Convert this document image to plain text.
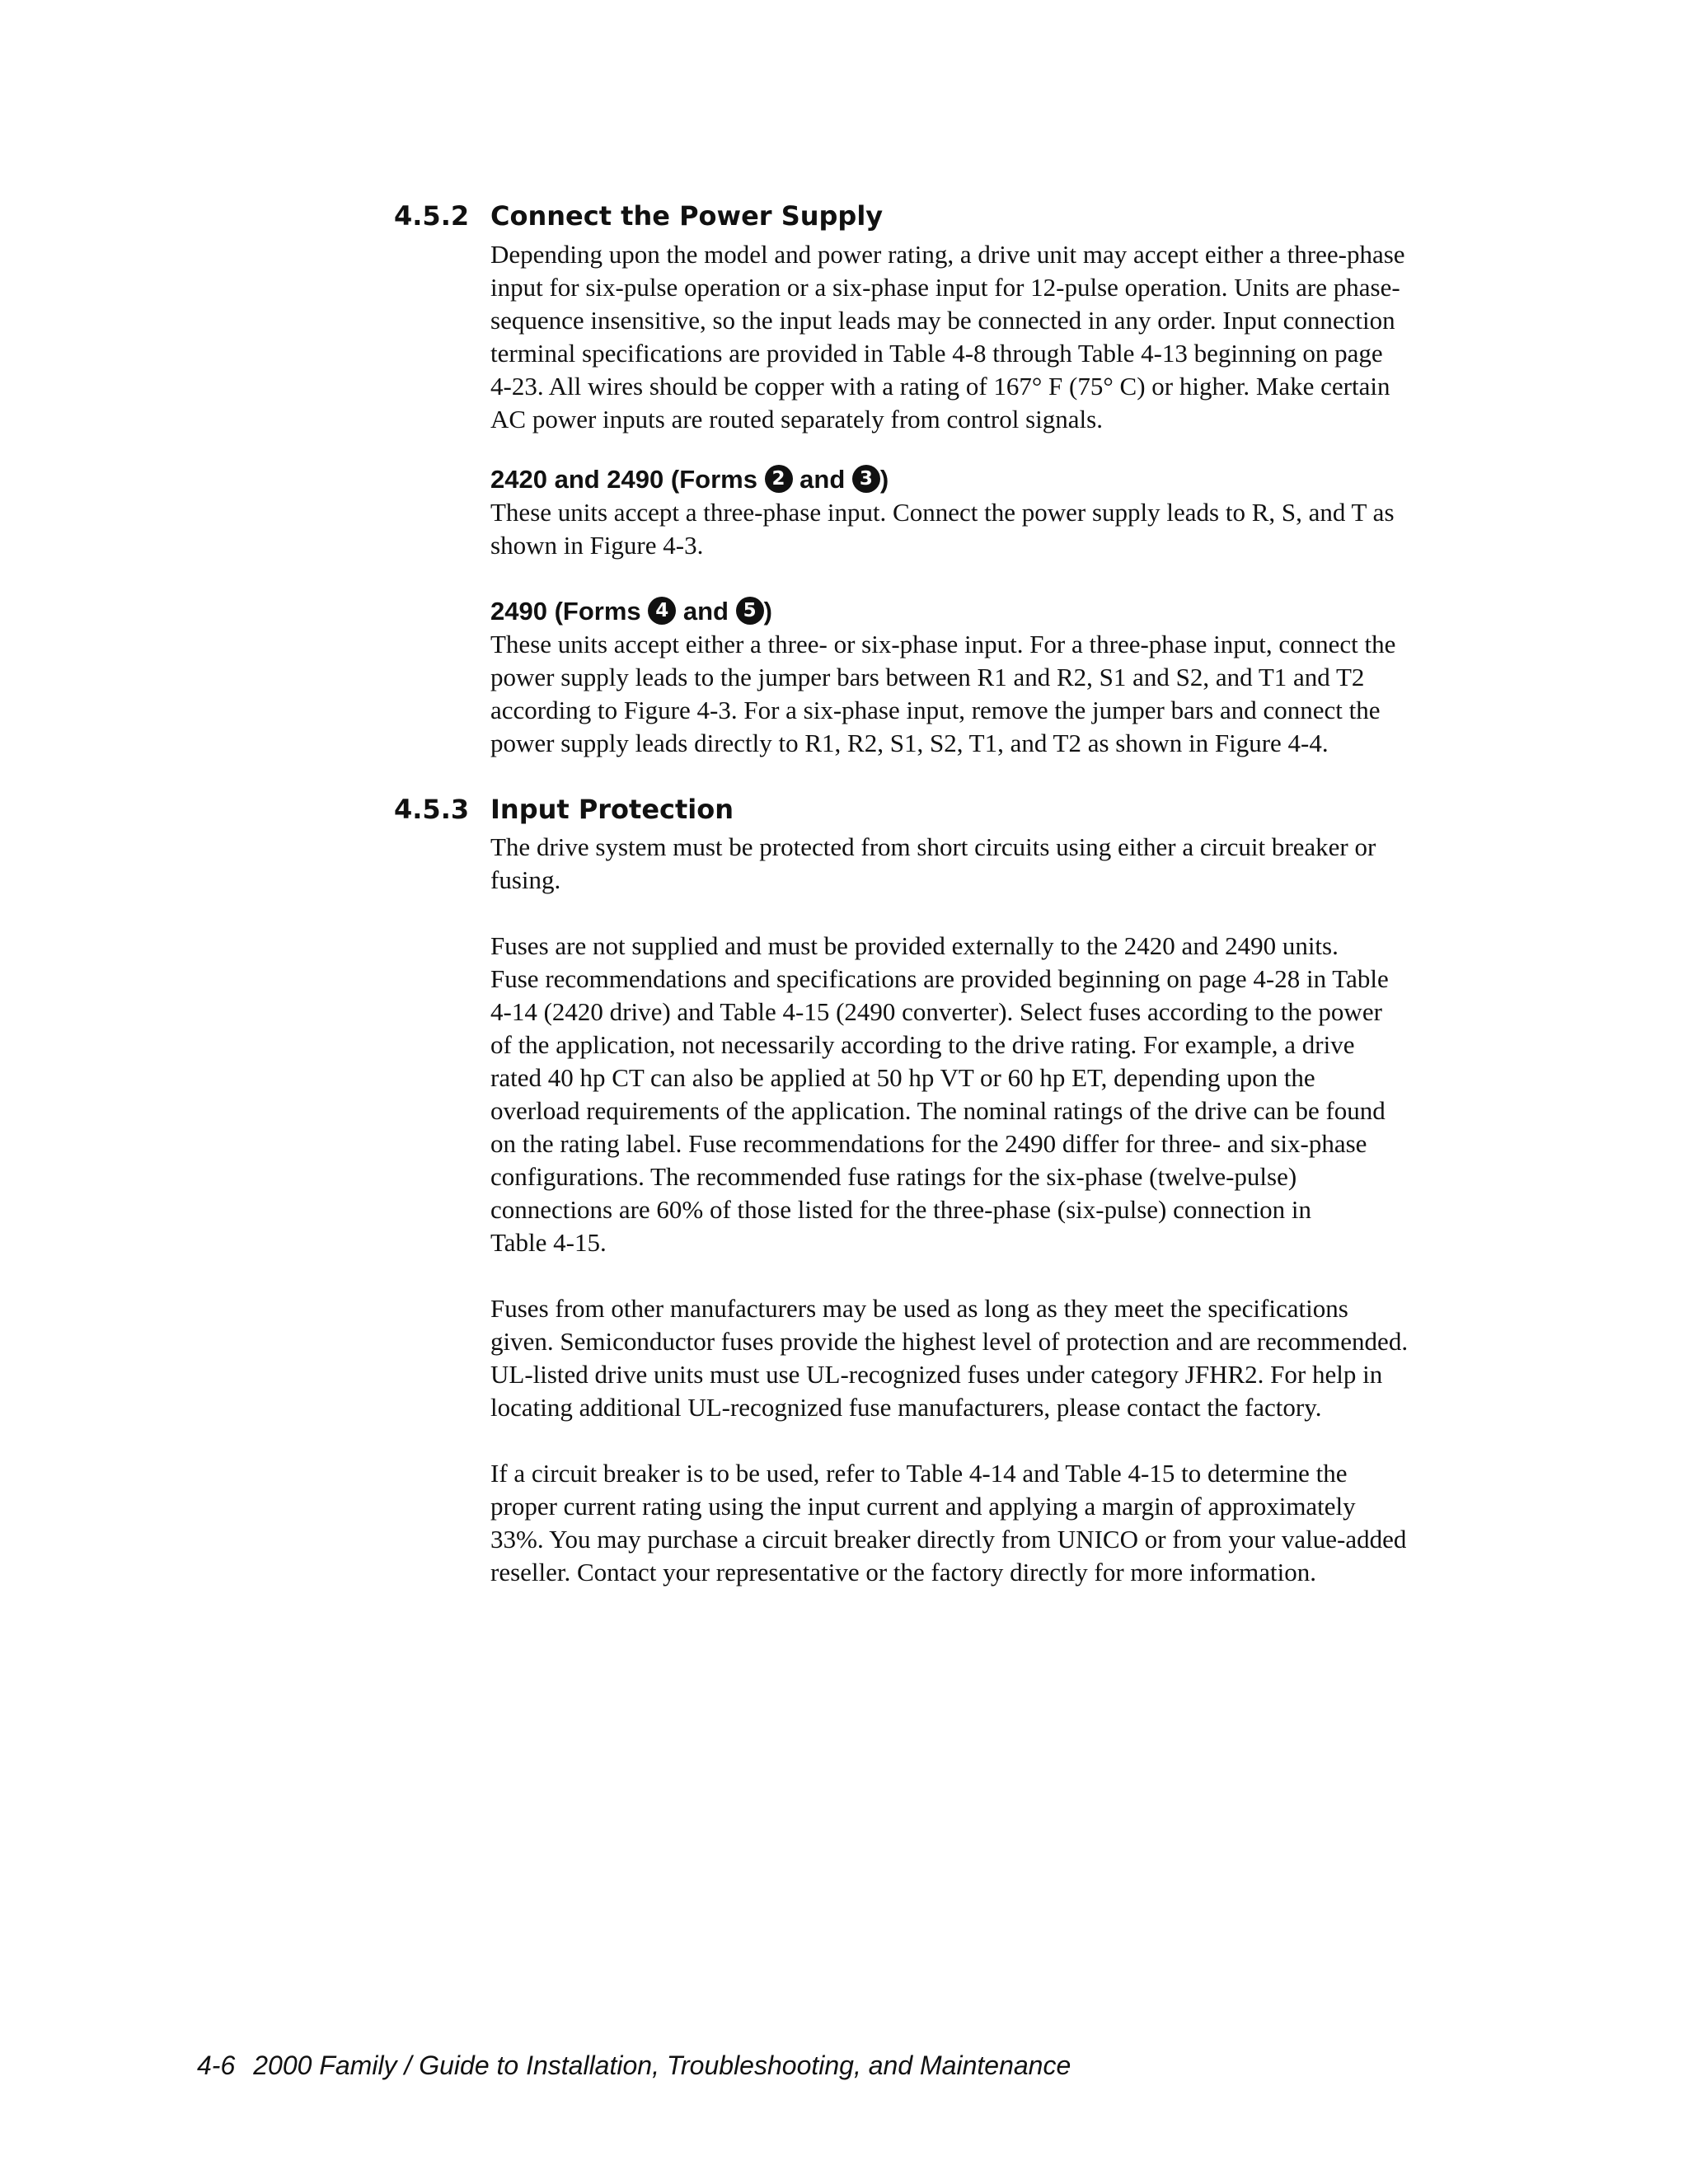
4.5.2 Connect the Power Supply

Depending upon the model and power rating, a drive unit may accept either a three-phase
input for six-pulse operation or a six-phase input for 12-pulse operation. Units are phase-
sequence insensitive, so the input leads may be connected in any order. Input connection
terminal specifications are provided in Table 4-8 through Table 4-13 beginning on page
4-23. All wires should be copper with a rating of 167° F (75° C) or higher. Make certain
AC power inputs are routed separately from control signals.

2420 and 2490 (Forms 2 and 3 )

These units accept a three-phase input. Connect the power supply leads to R, S, and T as
shown in Figure 4-3.

2490 (Forms 4 and 5 )

These units accept either a three- or six-phase input. For a three-phase input, connect the
power supply leads to the jumper bars between R1 and R2, S1 and S2, and T1 and T2
according to Figure 4-3. For a six-phase input, remove the jumper bars and connect the
power supply leads directly to R1, R2, S1, S2, T1, and T2 as shown in Figure 4-4.

4.5.3 Input Protection

The drive system must be protected from short circuits using either a circuit breaker or
fusing.

Fuses are not supplied and must be provided externally to the 2420 and 2490 units.
Fuse recommendations and specifications are provided beginning on page 4-28 in Table
4-14 (2420 drive) and Table 4-15 (2490 converter). Select fuses according to the power
of the application, not necessarily according to the drive rating. For example, a drive
rated 40 hp CT can also be applied at 50 hp VT or 60 hp ET, depending upon the
overload requirements of the application. The nominal ratings of the drive can be found
on the rating label. Fuse recommendations for the 2490 differ for three- and six-phase
configurations. The recommended fuse ratings for the six-phase (twelve-pulse)
connections are 60% of those listed for the three-phase (six-pulse) connection in
Table 4-15.

Fuses from other manufacturers may be used as long as they meet the specifications
given. Semiconductor fuses provide the highest level of protection and are recommended.
UL-listed drive units must use UL-recognized fuses under category JFHR2. For help in
locating additional UL-recognized fuse manufacturers, please contact the factory.

If a circuit breaker is to be used, refer to Table 4-14 and Table 4-15 to determine the
proper current rating using the input current and applying a margin of approximately
33%. You may purchase a circuit breaker directly from UNICO or from your value-added
reseller. Contact your representative or the factory directly for more information.

4-6 2000 Family / Guide to Installation, Troubleshooting, and Maintenance
